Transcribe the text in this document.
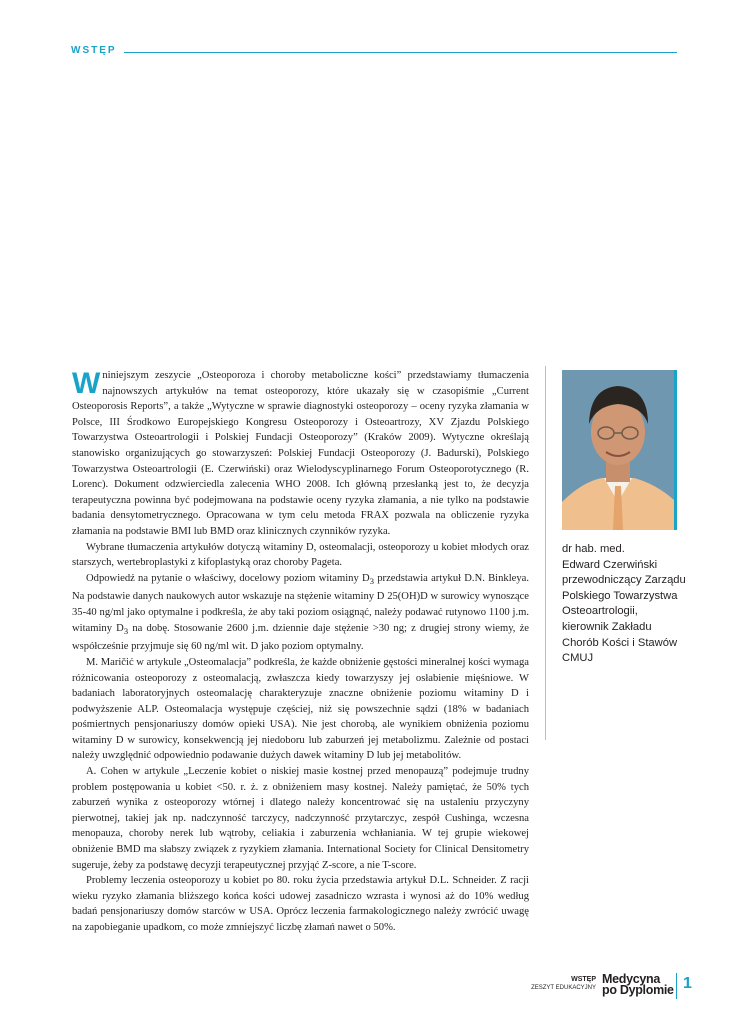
WSTĘP

Wniniejszym zeszycie „Osteoporoza i choroby metaboliczne kości” przedstawiamy tłumaczenia najnowszych artykułów na temat osteoporozy, które ukazały się w czasopiśmie „Current Osteoporosis Reports”, a także „Wytyczne w sprawie diagnostyki osteoporozy – oceny ryzyka złamania w Polsce, III Środkowo Europejskiego Kongresu Osteoporozy i Osteoartrozy, XV Zjazdu Polskiego Towarzystwa Osteoartrologii i Polskiej Fundacji Osteoporozy” (Kraków 2009). Wytyczne określają stanowisko organizujących go stowarzyszeń: Polskiej Fundacji Osteoporozy (J. Badurski), Polskiego Towarzystwa Osteoartrologii (E. Czerwiński) oraz Wielodyscyplinarnego Forum Osteoporotycznego (R. Lorenc). Dokument odzwierciedla zalecenia WHO 2008. Ich główną przesłanką jest to, że decyzja terapeutyczna powinna być podejmowana na podstawie oceny ryzyka złamania, a nie tylko na podstawie badania densytometrycznego. Opracowana w tym celu metoda FRAX pozwala na obliczenie ryzyka złamania na podstawie BMI lub BMD oraz klinicznych czynników ryzyka.

Wybrane tłumaczenia artykułów dotyczą witaminy D, osteomalacji, osteoporozy u kobiet młodych oraz starszych, wertebroplastyki z kifoplastyką oraz choroby Pageta.

Odpowiedź na pytanie o właściwy, docelowy poziom witaminy $D_3$ przedstawia artykuł D.N. Binkleya. Na podstawie danych naukowych autor wskazuje na stężenie witaminy D 25(OH)D w surowicy wynoszące 35-40 ng/ml jako optymalne i podkreśla, że aby taki poziom osiągnąć, należy podawać rutynowo 1100 j.m. witaminy $D_3$ na dobę. Stosowanie 2600 j.m. dziennie daje stężenie >30 ng; z drugiej strony wiemy, że współcześnie przyjmuje się 60 ng/ml wit. D jako poziom optymalny.

M. Maričić w artykule „Osteomalacja” podkreśla, że każde obniżenie gęstości mineralnej kości wymaga różnicowania osteoporozy z osteomalacją, zwłaszcza kiedy towarzyszy jej osłabienie mięśniowe. W badaniach laboratoryjnych osteomalację charakteryzuje znaczne obniżenie poziomu witaminy D i podwyższenie ALP. Osteomalacja występuje częściej, niż się powszechnie sądzi (18% w badaniach pośmiertnych pensjonariuszy domów opieki USA). Nie jest chorobą, ale wynikiem obniżenia poziomu witaminy D w surowicy, konsekwencją jej niedoboru lub zaburzeń jej metabolizmu. Zależnie od postaci należy uwzględnić odpowiednio podawanie dużych dawek witaminy D lub jej metabolitów.

A. Cohen w artykule „Leczenie kobiet o niskiej masie kostnej przed menopauzą” podejmuje trudny problem postępowania u kobiet <50. r. ż. z obniżeniem masy kostnej. Należy pamiętać, że 50% tych zaburzeń wynika z osteoporozy wtórnej i dlatego należy koncentrować się na ustaleniu przyczyny pierwotnej, takiej jak np. nadczynność tarczycy, nadczynność przytarczyc, zespół Cushinga, wczesna menopauza, choroby nerek lub wątroby, celiakia i zaburzenia wchłaniania. W tej grupie wiekowej obniżenie BMD ma słabszy związek z ryzykiem złamania. International Society for Clinical Densitometry sugeruje, żeby za podstawę decyzji terapeutycznej przyjąć Z-score, a nie T-score.

Problemy leczenia osteoporozy u kobiet po 80. roku życia przedstawia artykuł D.L. Schneider. Z racji wieku ryzyko złamania bliższego końca kości udowej zasadniczo wzrasta i wynosi aż do 10% według badań pensjonariuszy domów starców w USA. Oprócz leczenia farmakologicznego należy zwrócić uwagę na zapobieganie upadkom, co może zmniejszyć liczbę złamań nawet o 50%.

dr hab. med.
Edward Czerwiński
przewodniczący Zarządu
Polskiego Towarzystwa
Osteoartrologii,
kierownik Zakładu
Chorób Kości i Stawów
CMUJ
WSTĘP
ZESZYT EDUKACYJNY
Medycyna
po Dyplomie 1
